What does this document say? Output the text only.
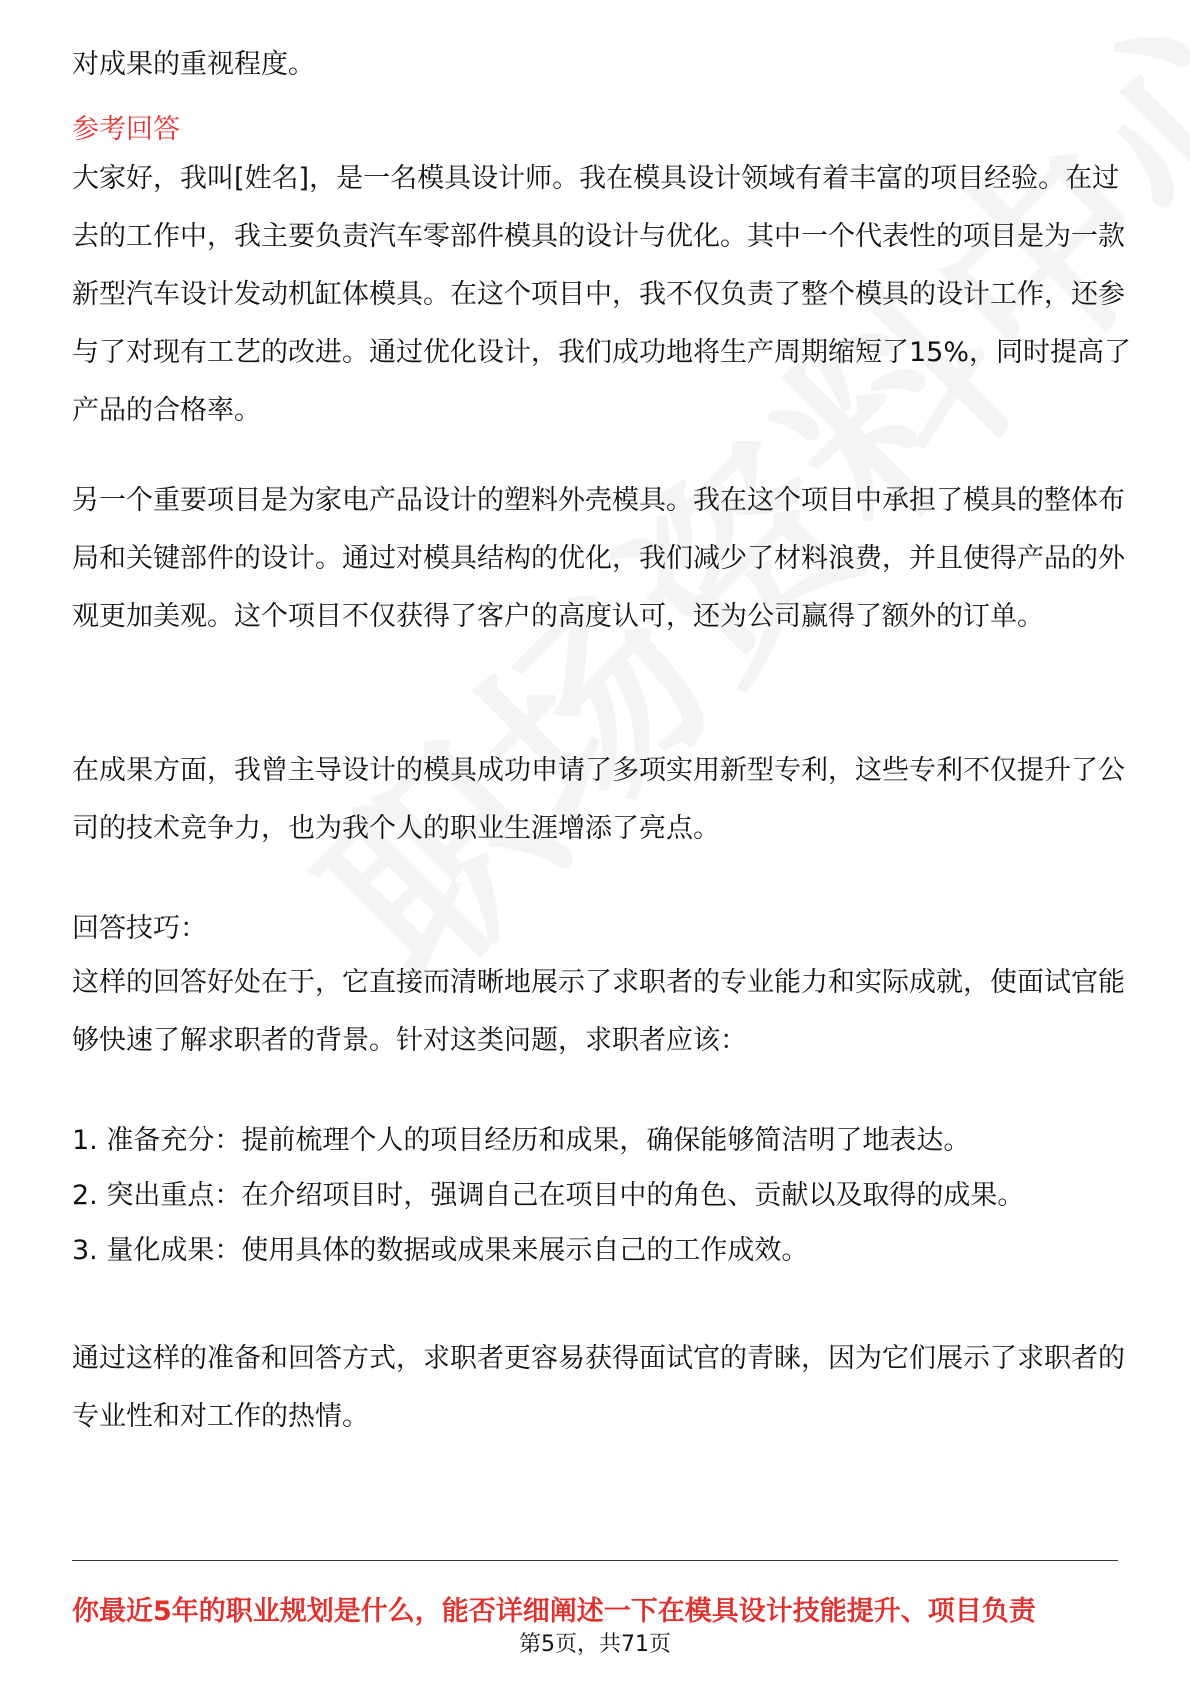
对成果的重视程度。

参考回答

大家好，我叫[姓名]，是一名模具设计师。我在模具设计领域有着丰富的项目经验。在过去的工作中，我主要负责汽车零部件模具的设计与优化。其中一个代表性的项目是为一款新型汽车设计发动机缸体模具。在这个项目中，我不仅负责了整个模具的设计工作，还参与了对现有工艺的改进。通过优化设计，我们成功地将生产周期缩短了15%，同时提高了产品的合格率。

另一个重要项目是为家电产品设计的塑料外壳模具。我在这个项目中承担了模具的整体布局和关键部件的设计。通过对模具结构的优化，我们减少了材料浪费，并且使得产品的外观更加美观。这个项目不仅获得了客户的高度认可，还为公司赢得了额外的订单。

在成果方面，我曾主导设计的模具成功申请了多项实用新型专利，这些专利不仅提升了公司的技术竞争力，也为我个人的职业生涯增添了亮点。

回答技巧：

这样的回答好处在于，它直接而清晰地展示了求职者的专业能力和实际成就，使面试官能够快速了解求职者的背景。针对这类问题，求职者应该：

1. 准备充分：提前梳理个人的项目经历和成果，确保能够简洁明了地表达。

2. 突出重点：在介绍项目时，强调自己在项目中的角色、贡献以及取得的成果。

3. 量化成果：使用具体的数据或成果来展示自己的工作成效。

通过这样的准备和回答方式，求职者更容易获得面试官的青睐，因为它们展示了求职者的专业性和对工作的热情。

你最近5年的职业规划是什么，能否详细阐述一下在模具设计技能提升、项目负责
第5页，共71页
